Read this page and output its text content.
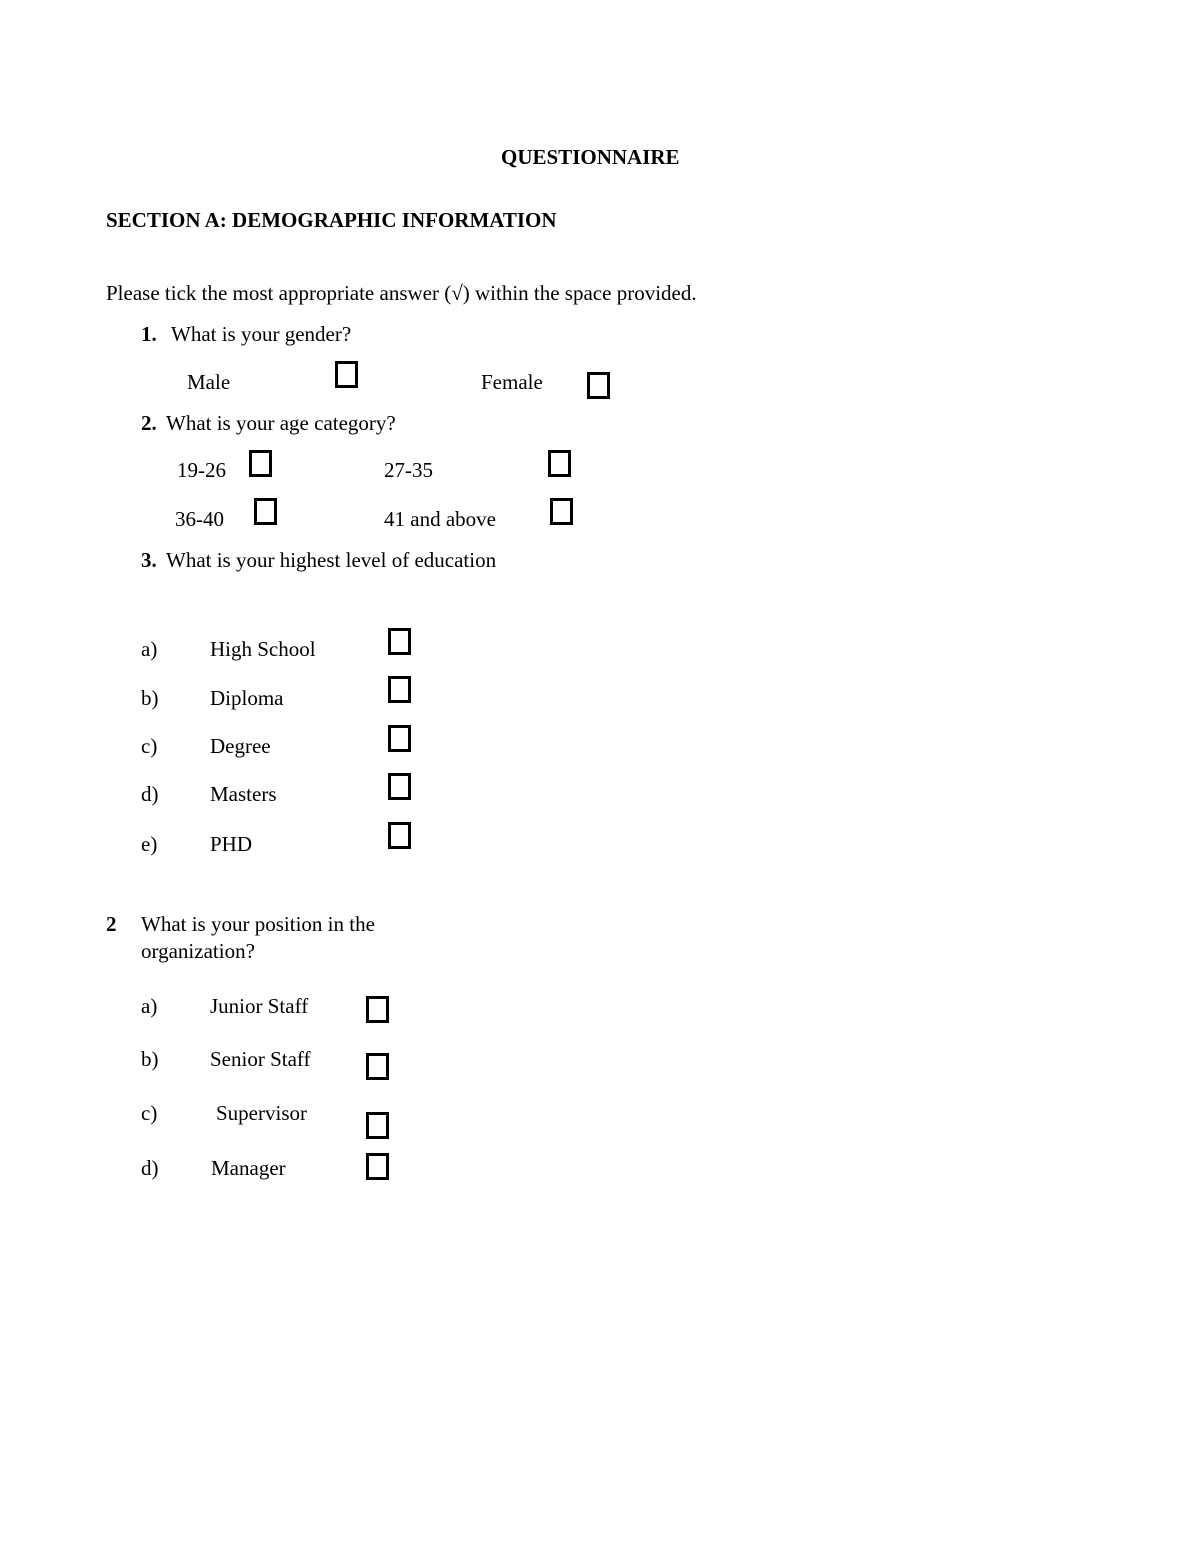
QUESTIONNAIRE
SECTION A: DEMOGRAPHIC INFORMATION
Please tick the most appropriate answer (√) within the space provided.
1. What is your gender?
Male	Female
2. What is your age category?
19-26	27-35
36-40	41 and above
3. What is your highest level of education
a)	High School
b) Diploma
c)	Degree
d) Masters
e)	PHD
2 What is your position in the
organization?
a)	Junior Staff
b) Senior Staff
c)	Supervisor
d)	Manager
